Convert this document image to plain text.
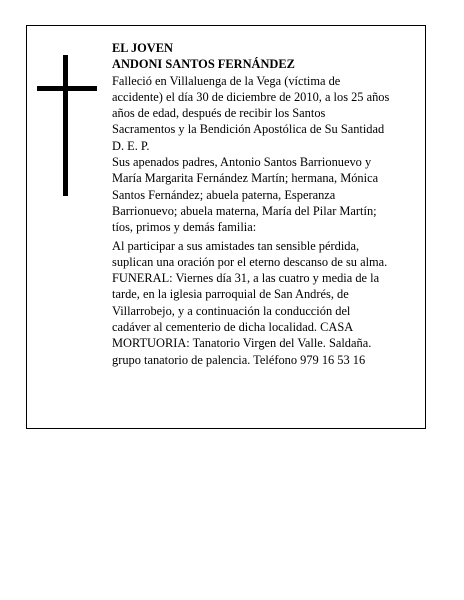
EL JOVEN
ANDONI SANTOS FERNÁNDEZ
Falleció en Villaluenga de la Vega (víctima de
accidente) el día 30 de diciembre de 2010, a los 25 años
años de edad, después de recibir los Santos
Sacramentos y la Bendición Apostólica de Su Santidad
D. E. P.
Sus apenados padres, Antonio Santos Barrionuevo y
María Margarita Fernández Martín; hermana, Mónica
Santos Fernández; abuela paterna, Esperanza
Barrionuevo; abuela materna, María del Pilar Martín;
tíos, primos y demás familia:
Al participar a sus amistades tan sensible pérdida,
suplican una oración por el eterno descanso de su alma.
FUNERAL: Viernes día 31, a las cuatro y media de la
tarde, en la iglesia parroquial de San Andrés, de
Villarrobejo, y a continuación la conducción del
cadáver al cementerio de dicha localidad. CASA
MORTUORIA: Tanatorio Virgen del Valle. Saldaña.
grupo tanatorio de palencia. Teléfono 979 16 53 16
